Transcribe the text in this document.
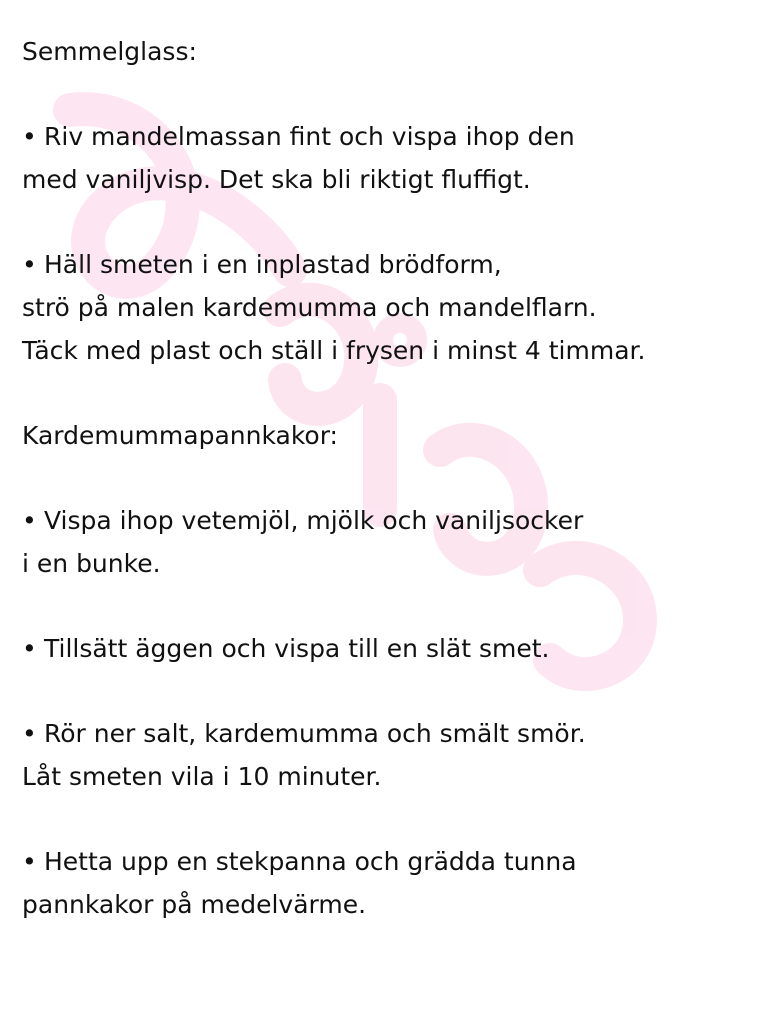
Semmelglass:

• Riv mandelmassan fint och vispa ihop den
med vaniljvisp. Det ska bli riktigt fluffigt.

• Häll smeten i en inplastad brödform,
strö på malen kardemumma och mandelflarn.
Täck med plast och ställ i frysen i minst 4 timmar.

Kardemummapannkakor:

• Vispa ihop vetemjöl, mjölk och vaniljsocker
i en bunke.

• Tillsätt äggen och vispa till en slät smet.

• Rör ner salt, kardemumma och smält smör.
Låt smeten vila i 10 minuter.

• Hetta upp en stekpanna och grädda tunna
pannkakor på medelvärme.
